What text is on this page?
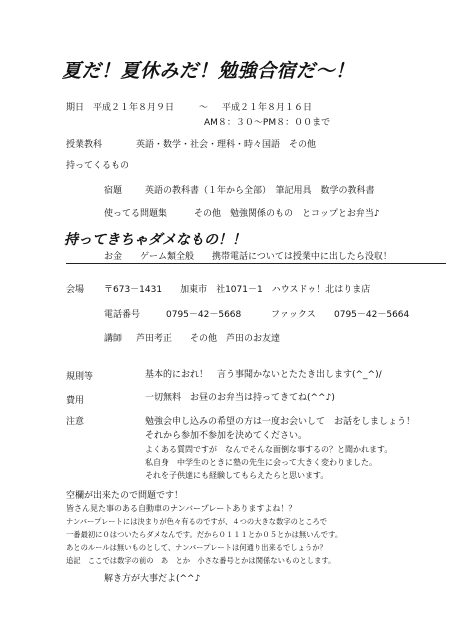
夏だ！夏休みだ！勉強合宿だ～！
期日 平成２１年８月９日	～ 平成２１年８月１６日
AM８：３０～PM８：００まで
授業教科	英語・数学・社会・理科・時々国語　その他
持ってくるもの
宿題	英語の教科書（１年から全部）　筆記用具　数学の教科書
使ってる問題集	その他　勉強関係のもの　とコップとお弁当♪
持ってきちゃダメなもの！！
お金　　ゲーム類全般　　携帯電話については授業中に出したら没収！
会場 〒673－1431　　加東市　社1071－1　ハウスドゥ！北はりま店
電話番号	0795－42－5668	ファックス 0795－42－5664
講師 芦田考正　　その他　芦田のお友達
規則等	基本的におれ！　言う事聞かないとたたき出します(^_^)/
費用	一切無料　お昼のお弁当は持ってきてね(^^♪)
注意	勉強会申し込みの希望の方は一度お会いして　お話をしましょう！
それから参加不参加を決めてください。
よくある質問ですが　なんでそんな面倒な事するの？と聞かれます。
私自身　中学生のときに塾の先生に会って大きく変わりました。
それを子供達にも経験してもらえたらと思います。
空欄が出来たので問題です！
皆さん見た事のある自動車のナンバープレートありますよね！？
ナンバープレートには決まりが色々有るのですが、４つの大きな数字のところで
一番最初に０はついたらダメなんです。だから０１１１とか０５とかは無いんです。
あとのルールは無いものとして、ナンバープレートは何通り出来るでしょうか？
追記　ここでは数字の前の　あ　とか　小さな番号とかは関係ないものとします。
解き方が大事だよ(^^♪
